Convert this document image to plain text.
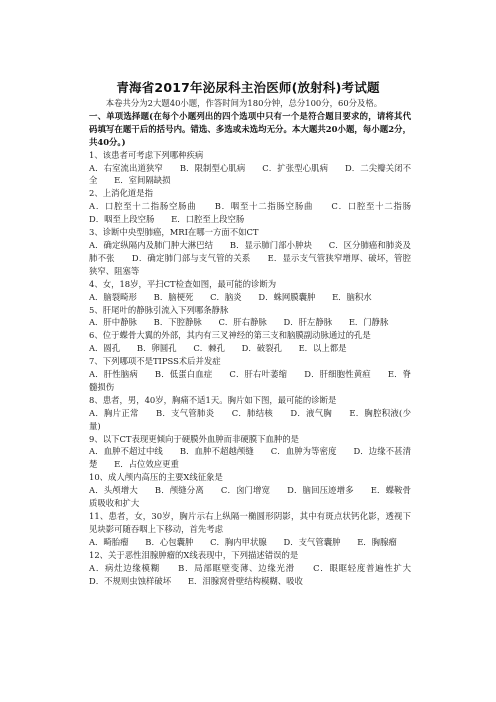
青海省2017年泌尿科主治医师(放射科)考试题

本卷共分为2大题40小题，作答时间为180分钟，总分100分，60分及格。

一、单项选择题(在每个小题列出的四个选项中只有一个是符合题目要求的，请将其代码填写在题干后的括号内。错选、多选或未选均无分。本大题共20小题，每小题2分，共40分。)

1、该患者可考虑下列哪种疾病

A．右室流出道狭窄　　B．限制型心肌病　　C．扩张型心肌病　　D．二尖瓣关闭不全　　E．室间隔缺损

2、上消化道是指

A．口腔至十二指肠空肠曲　　B．咽至十二指肠空肠曲　　C．口腔至十二指肠　　D．咽至上段空肠　　E．口腔至上段空肠

3、诊断中央型肺癌，MRI在哪一方面不如CT

A．确定纵隔内及肺门肿大淋巴结　　B．显示肺门部小肿块　　C．区分肺癌和肺炎及肺不张　　D．确定肺门部与支气管的关系　　E．显示支气管狭窄增厚、破坏，管腔狭窄、阻塞等

4、女，18岁，平扫CT检查如图，最可能的诊断为

A．脑裂畸形　　B．脑梗死　　C．脑炎　　D．蛛网膜囊肿　　E．脑积水

5、肝尾叶的静脉引流入下列哪条静脉

A．肝中静脉　　B．下腔静脉　　C．肝右静脉　　D．肝左静脉　　E．门静脉

6、位于蝶骨大翼的外部，其内有三叉神经的第三支和脑膜副动脉通过的孔是

A．圆孔　　B．卵圆孔　　C．棘孔　　D．破裂孔　　E．以上都是

7、下列哪项不是TIPSS术后并发症

A．肝性脑病　　B．低蛋白血症　　C．肝右叶萎缩　　D．肝细胞性黄疸　　E．脊髓损伤

8、患者，男，40岁，胸痛不适1天。胸片如下图，最可能的诊断是

A．胸片正常　　B．支气管肺炎　　C．肺结核　　D．液气胸　　E．胸腔积液(少量)

9、以下CT表现更倾向于硬膜外血肿而非硬膜下血肿的是

A．血肿不超过中线　　B．血肿不超越颅缝　　C．血肿为等密度　　D．边缘不甚清楚　　E．占位效应更重

10、成人颅内高压的主要X线征象是

A．头颅增大　　B．颅缝分离　　C．囟门增宽　　D．脑回压迹增多　　E．蝶鞍骨质吸收和扩大

11、患者，女，30岁，胸片示右上纵隔一椭圆形阴影，其中有斑点状钙化影，透视下见块影可随吞咽上下移动，首先考虑

A．畸胎瘤　　B．心包囊肿　　C．胸内甲状腺　　D．支气管囊肿　　E．胸腺瘤

12、关于恶性泪腺肿瘤的X线表现中，下列描述错误的是

A．病灶边缘模糊　　B．局部眶壁变薄、边缘光滑　　C．眼眶轻度普遍性扩大　　D．不规则虫蚀样破坏　　E．泪腺窝骨壁结构模糊、吸收
